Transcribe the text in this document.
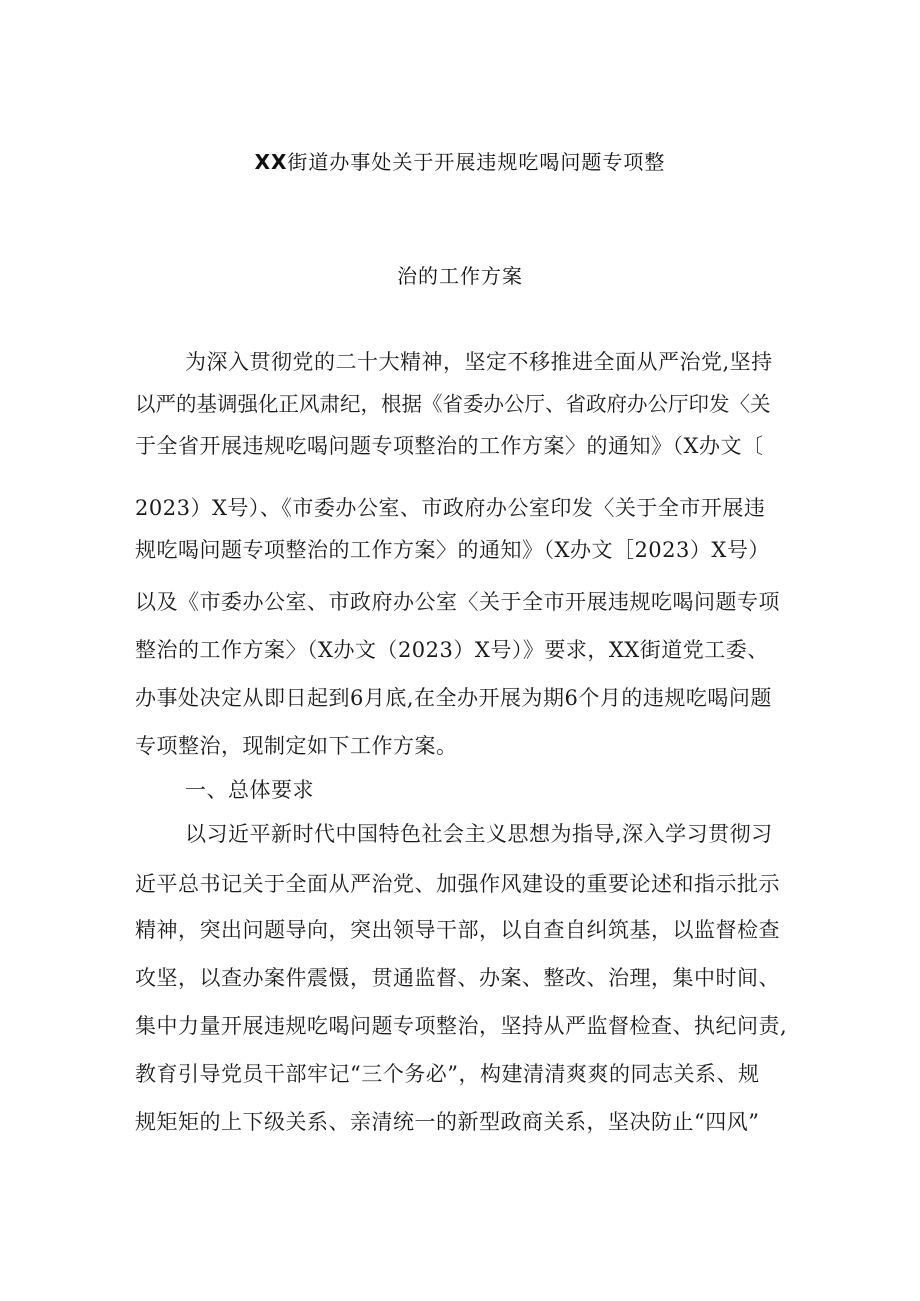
XX街道办事处关于开展违规吃喝问题专项整
治的工作方案
为深入贯彻党的二十大精神，坚定不移推进全面从严治党,坚持
以严的基调强化正风肃纪，根据《省委办公厅、省政府办公厅印发〈关
于全省开展违规吃喝问题专项整治的工作方案〉的通知》（X办文〔
2023）X号）、《市委办公室、市政府办公室印发〈关于全市开展违
规吃喝问题专项整治的工作方案〉的通知》（X办文［2023）X号）
以及《市委办公室、市政府办公室〈关于全市开展违规吃喝问题专项
整治的工作方案〉（X办文（2023）X号）》要求，XX街道党工委、
办事处决定从即日起到6月底,在全办开展为期6个月的违规吃喝问题
专项整治，现制定如下工作方案。
一、总体要求
以习近平新时代中国特色社会主义思想为指导,深入学习贯彻习
近平总书记关于全面从严治党、加强作风建设的重要论述和指示批示
精神，突出问题导向，突出领导干部，以自查自纠筑基，以监督检查
攻坚，以查办案件震慑，贯通监督、办案、整改、治理，集中时间、
集中力量开展违规吃喝问题专项整治，坚持从严监督检查、执纪问责,
教育引导党员干部牢记“三个务必”，构建清清爽爽的同志关系、规
规矩矩的上下级关系、亲清统一的新型政商关系，坚决防止“四风”
